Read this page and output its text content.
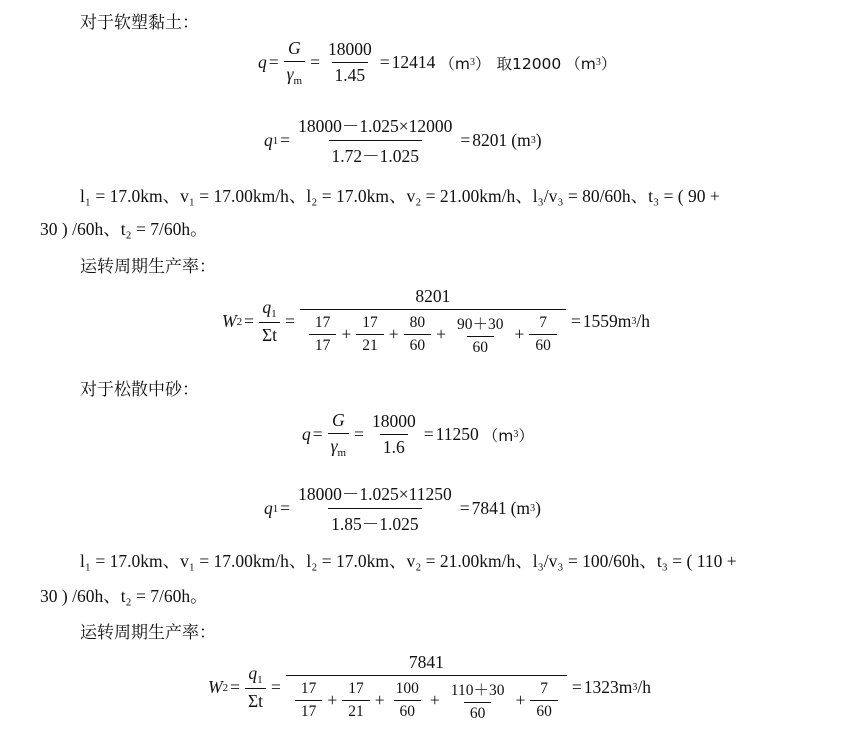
对于软塑黏土：
$q = \frac{G}{\gamma_m} = \frac{18000}{1.45} = 12414$ （m 3 ） 取12000 （m 3 ）
q $1 = \frac{18000-1.025\times 12000}{1.72-1.025} = 8201$ (m 3 )
l₁ = 17.0km、v₁ = 17.00km/h、l₂ = 17.0km、v₂ = 21.00km/h、l₃/v₃ = 80/60h、t₃ = ( 90 +
30 ) /60h、t₂ = 7/60h。
运转周期生产率：
W $2 = \frac{q_1}{\Sigma t}$ =
8201
$\frac{17}{17} + \frac{17}{21} + \frac{80}{60} + \frac{90+30}{60} + \frac{7}{60} = 1559m$ 3 /h
对于松散中砂：
$q = \frac{G}{\gamma_m} = \frac{18000}{1.6} = 11250$ （m 3 ）
q $1 = \frac{18000-1.025\times 11250}{1.85-1.025} = 7841$ (m 3 )
l₁ = 17.0km、v₁ = 17.00km/h、l₂ = 17.0km、v₂ = 21.00km/h、l₃/v₃ = 100/60h、t₃ = ( 110 +
30 ) /60h、t₂ = 7/60h。
运转周期生产率：
W $2 = \frac{q_1}{\Sigma t}$ =
7841
$\frac{17}{17} + \frac{17}{21} + \frac{100}{60} + \frac{110+30}{60} + \frac{7}{60} = 1323m$ 3 /h
